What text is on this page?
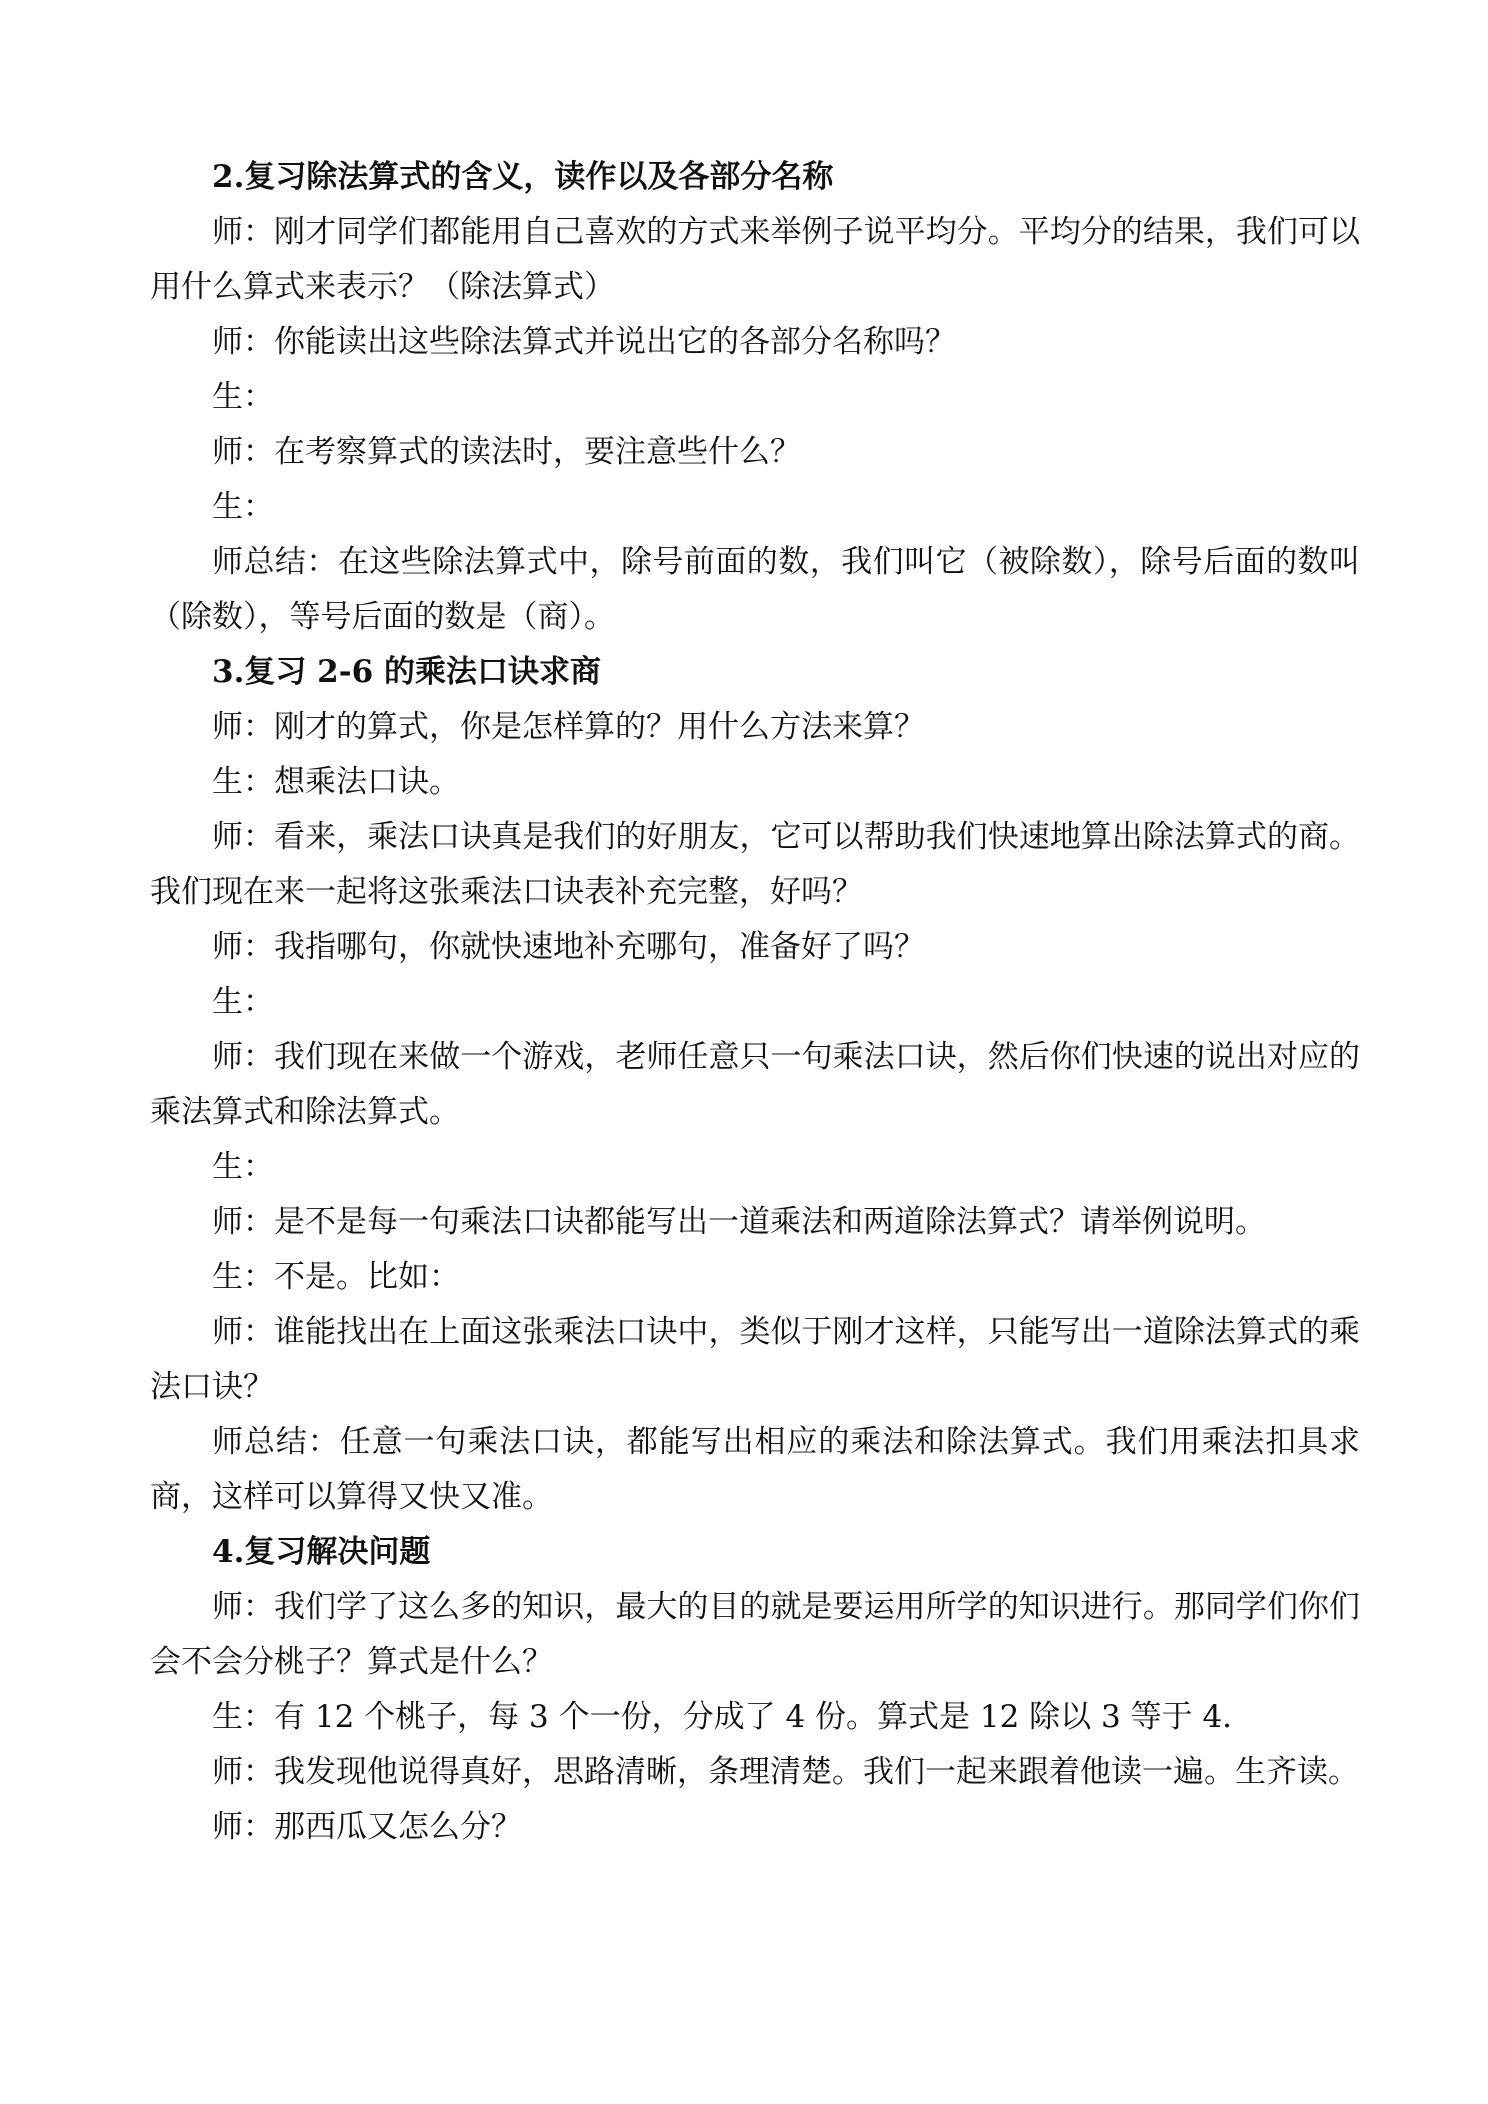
2.复习除法算式的含义，读作以及各部分名称

师：刚才同学们都能用自己喜欢的方式来举例子说平均分。平均分的结果，我们可以用什么算式来表示？（除法算式）

师：你能读出这些除法算式并说出它的各部分名称吗？

生：

师：在考察算式的读法时，要注意些什么？

生：

师总结：在这些除法算式中，除号前面的数，我们叫它（被除数），除号后面的数叫（除数），等号后面的数是（商）。

3.复习 2-6 的乘法口诀求商

师：刚才的算式，你是怎样算的？用什么方法来算？

生：想乘法口诀。

师：看来，乘法口诀真是我们的好朋友，它可以帮助我们快速地算出除法算式的商。我们现在来一起将这张乘法口诀表补充完整，好吗？

师：我指哪句，你就快速地补充哪句，准备好了吗？

生：

师：我们现在来做一个游戏，老师任意只一句乘法口诀，然后你们快速的说出对应的乘法算式和除法算式。

生：

师：是不是每一句乘法口诀都能写出一道乘法和两道除法算式？请举例说明。

生：不是。比如：

师：谁能找出在上面这张乘法口诀中，类似于刚才这样，只能写出一道除法算式的乘法口诀？

师总结：任意一句乘法口诀，都能写出相应的乘法和除法算式。我们用乘法扣具求商，这样可以算得又快又准。

4.复习解决问题

师：我们学了这么多的知识，最大的目的就是要运用所学的知识进行。那同学们你们会不会分桃子？算式是什么？

生：有 12 个桃子，每 3 个一份，分成了 4 份。算式是 12 除以 3 等于 4.

师：我发现他说得真好，思路清晰，条理清楚。我们一起来跟着他读一遍。生齐读。

师：那西瓜又怎么分？
